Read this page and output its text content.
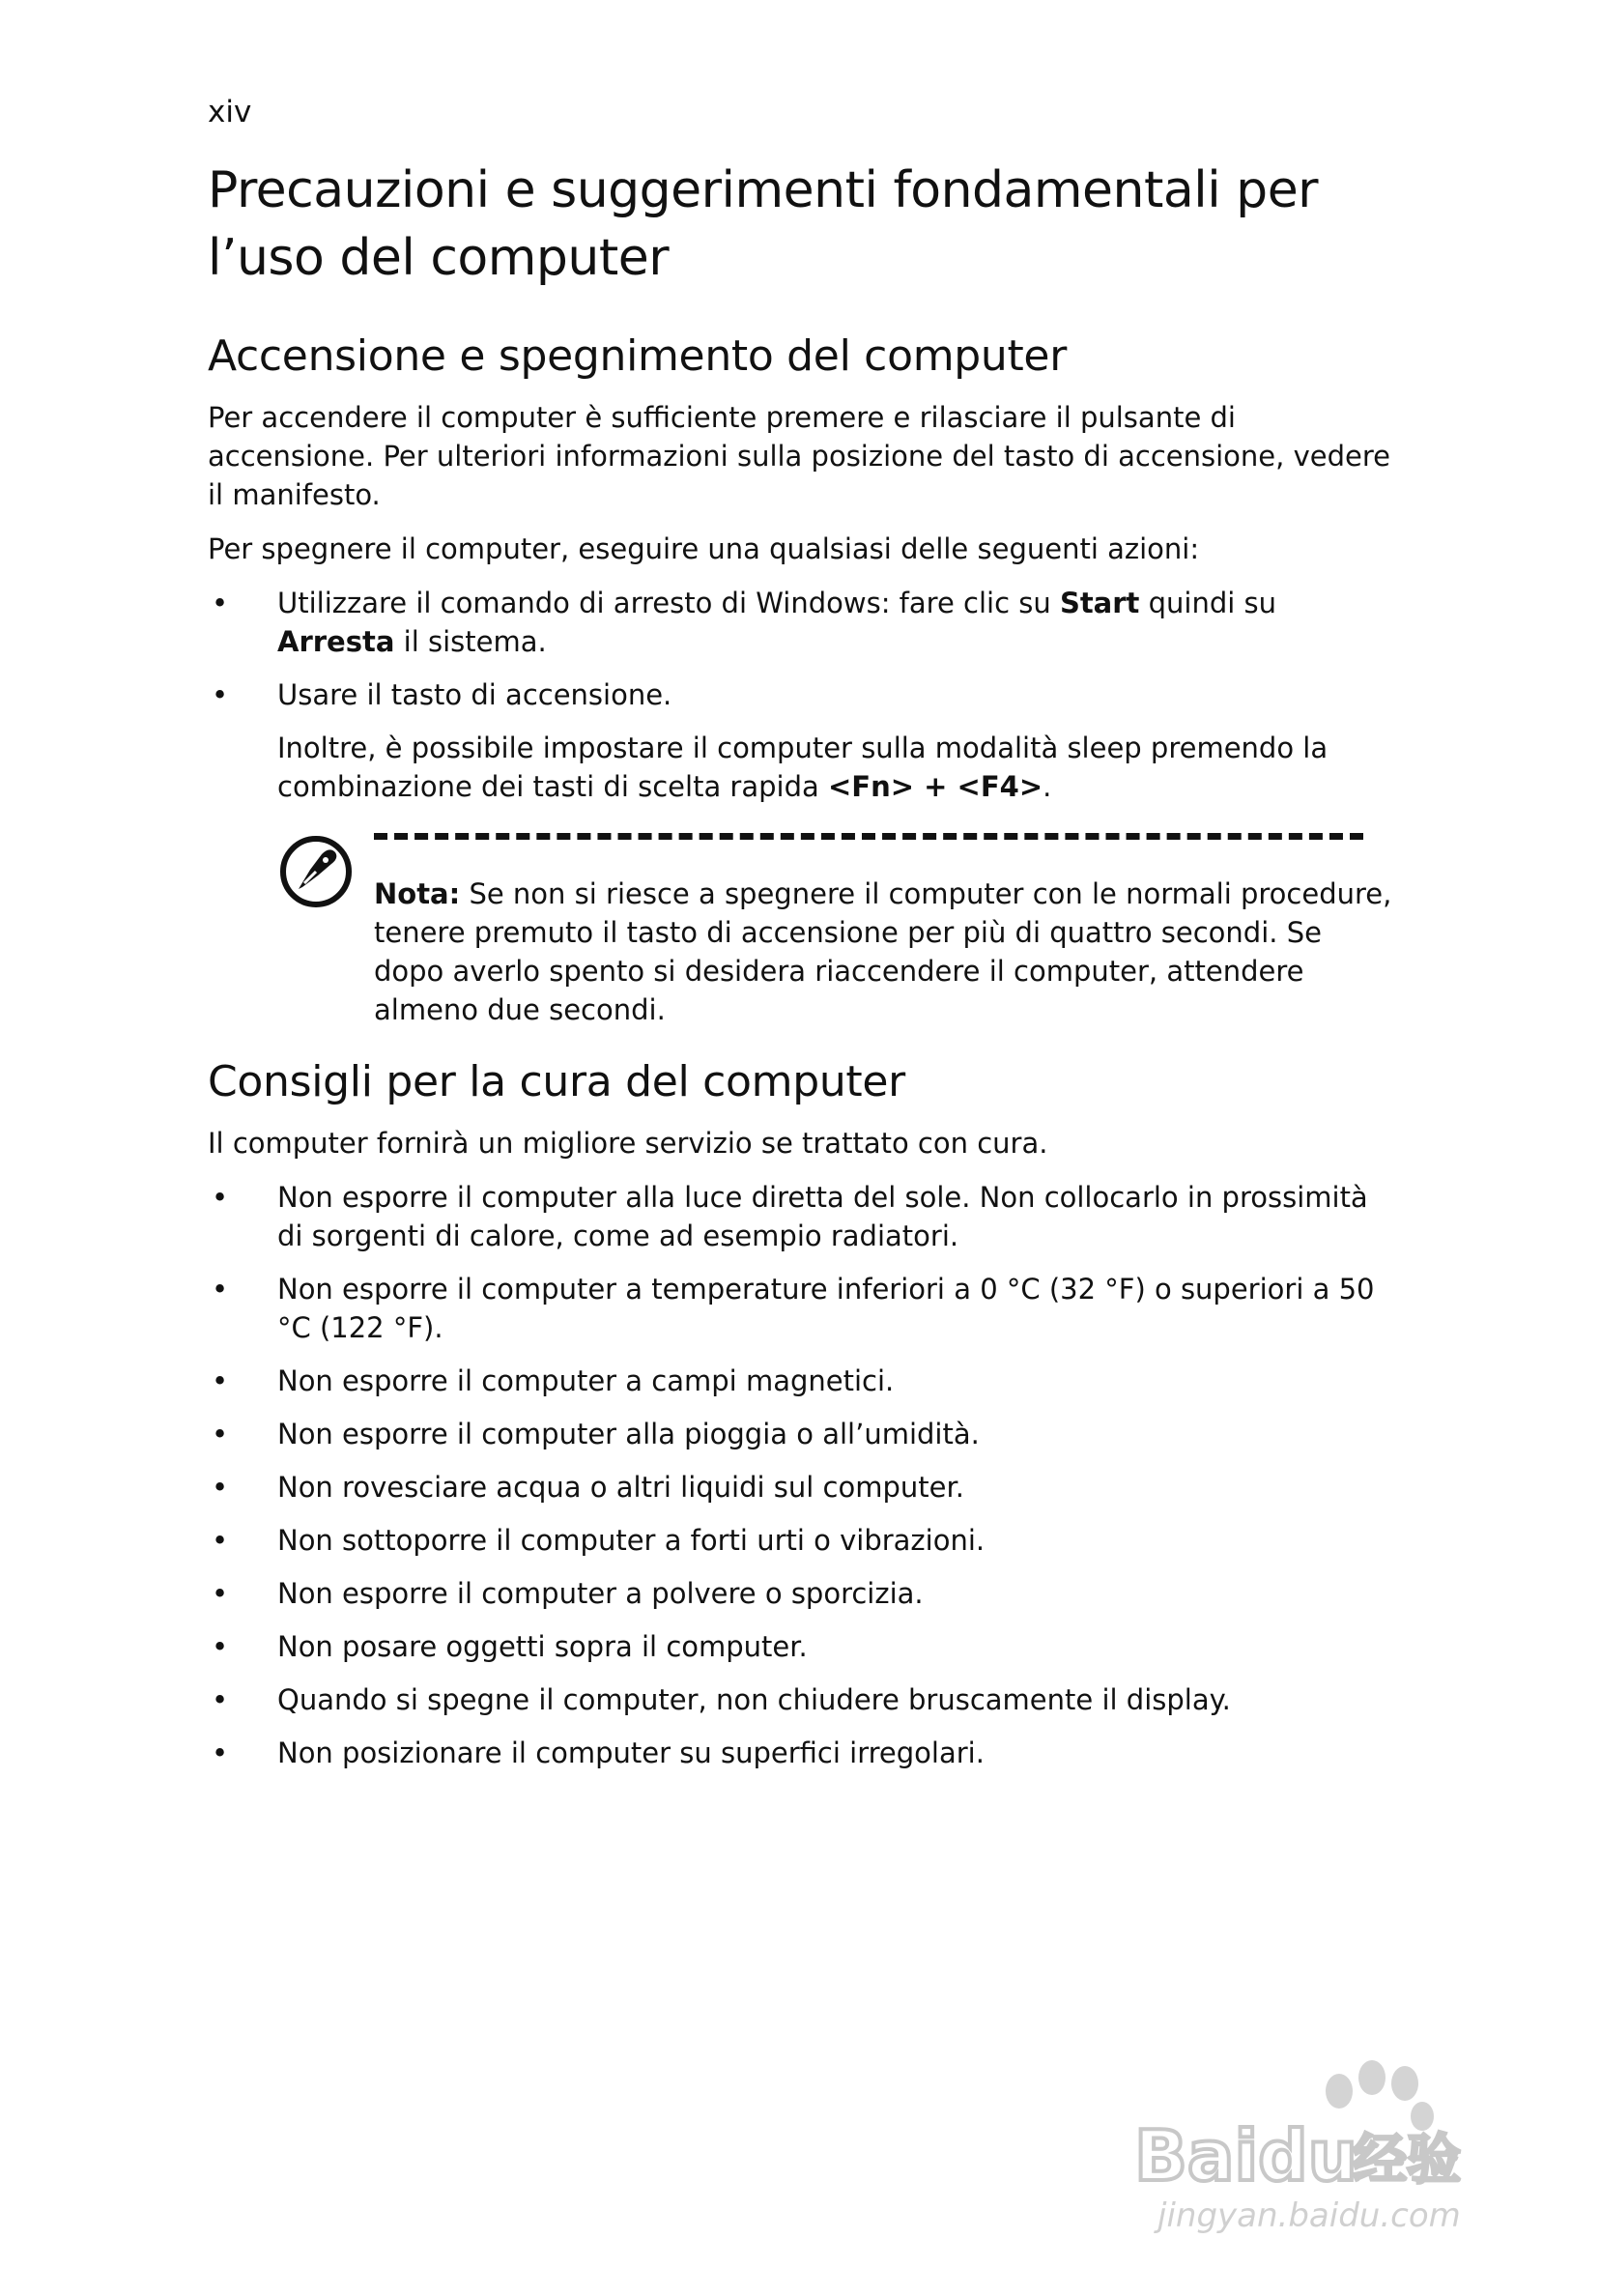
xiv
Precauzioni e suggerimenti fondamentali per l’uso del computer
Accensione e spegnimento del computer

Per accendere il computer è sufficiente premere e rilasciare il pulsante di accensione. Per ulteriori informazioni sulla posizione del tasto di accensione, vedere il manifesto.

Per spegnere il computer, eseguire una qualsiasi delle seguenti azioni:

• Utilizzare il comando di arresto di Windows: fare clic su Start quindi su Arresta il sistema.
• Usare il tasto di accensione.
Inoltre, è possibile impostare il computer sulla modalità sleep premendo la combinazione dei tasti di scelta rapida <Fn> + <F4>.

Nota: Se non si riesce a spegnere il computer con le normali procedure, tenere premuto il tasto di accensione per più di quattro secondi. Se dopo averlo spento si desidera riaccendere il computer, attendere almeno due secondi.

Consigli per la cura del computer

Il computer fornirà un migliore servizio se trattato con cura.

• Non esporre il computer alla luce diretta del sole. Non collocarlo in prossimità di sorgenti di calore, come ad esempio radiatori.
• Non esporre il computer a temperature inferiori a 0 °C (32 °F) o superiori a 50 °C (122 °F).
• Non esporre il computer a campi magnetici.
• Non esporre il computer alla pioggia o all’umidità.
• Non rovesciare acqua o altri liquidi sul computer.
• Non sottoporre il computer a forti urti o vibrazioni.
• Non esporre il computer a polvere o sporcizia.
• Non posare oggetti sopra il computer.
• Quando si spegne il computer, non chiudere bruscamente il display.
• Non posizionare il computer su superfici irregolari.
Baidu
经验
jingyan.baidu.com
